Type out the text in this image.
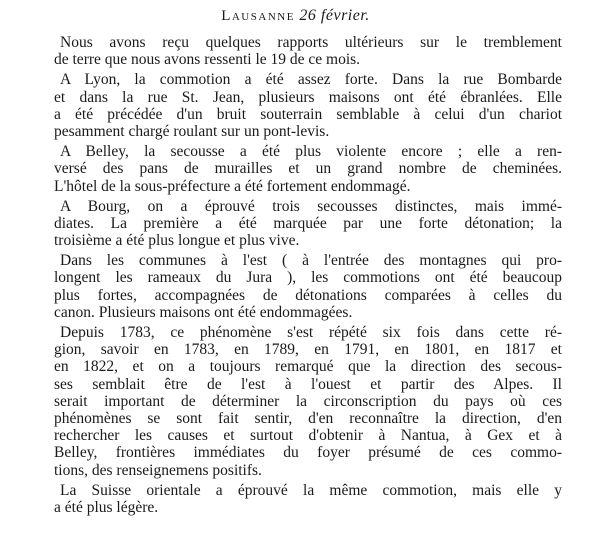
Lausanne 26 février.
Nous avons reçu quelques rapports ultérieurs sur le tremblement
de terre que nous avons ressenti le 19 de ce mois.
A Lyon, la commotion a été assez forte. Dans la rue Bombarde
et dans la rue St. Jean, plusieurs maisons ont été ébranlées. Elle
a été précédée d'un bruit souterrain semblable à celui d'un chariot
pesamment chargé roulant sur un pont-levis.
A Belley, la secousse a été plus violente encore ; elle a ren-
versé des pans de murailles et un grand nombre de cheminées.
L'hôtel de la sous-préfecture a été fortement endommagé.
A Bourg, on a éprouvé trois secousses distinctes, mais immé-
diates. La première a été marquée par une forte détonation; la
troisième a été plus longue et plus vive.
Dans les communes à l'est ( à l'entrée des montagnes qui pro-
longent les rameaux du Jura ), les commotions ont été beaucoup
plus fortes, accompagnées de détonations comparées à celles du
canon. Plusieurs maisons ont été endommagées.
Depuis 1783, ce phénomène s'est répété six fois dans cette ré-
gion, savoir en 1783, en 1789, en 1791, en 1801, en 1817 et
en 1822, et on a toujours remarqué que la direction des secous-
ses semblait être de l'est à l'ouest et partir des Alpes. Il
serait important de déterminer la circonscription du pays où ces
phénomènes se sont fait sentir, d'en reconnaître la direction, d'en
rechercher les causes et surtout d'obtenir à Nantua, à Gex et à
Belley, frontières immédiates du foyer présumé de ces commo-
tions, des renseignemens positifs.
La Suisse orientale a éprouvé la même commotion, mais elle y
a été plus légère.
